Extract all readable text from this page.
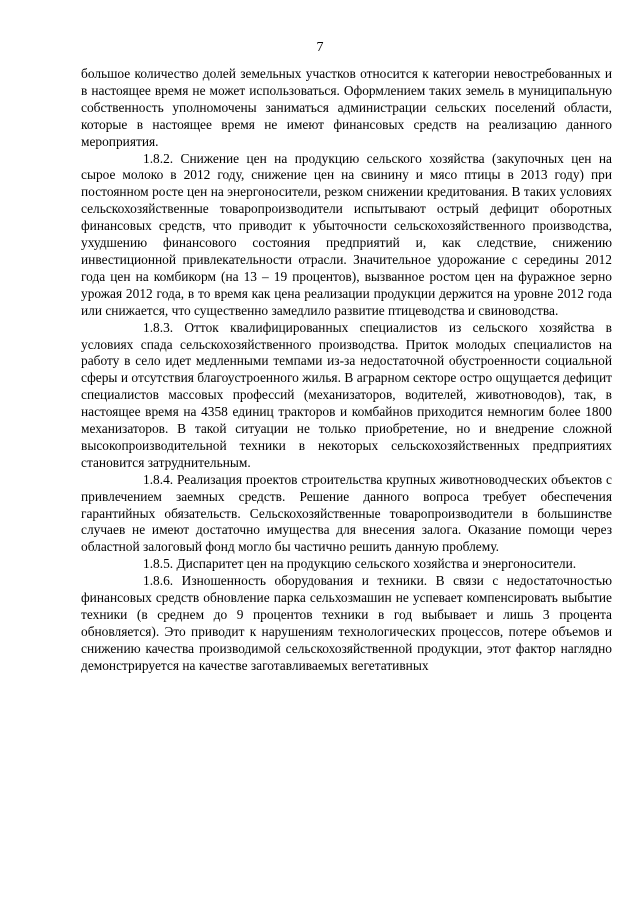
7

большое количество долей земельных участков относится к категории невостребованных и в настоящее время не может использоваться. Оформлением таких земель в муниципальную собственность уполномочены заниматься администрации сельских поселений области, которые в настоящее время не имеют финансовых средств на реализацию данного мероприятия.

1.8.2. Снижение цен на продукцию сельского хозяйства (закупочных цен на сырое молоко в 2012 году, снижение цен на свинину и мясо птицы в 2013 году) при постоянном росте цен на энергоносители, резком снижении кредитования. В таких условиях сельскохозяйственные товаропроизводители испытывают острый дефицит оборотных финансовых средств, что приводит к убыточности сельскохозяйственного производства, ухудшению финансового состояния предприятий и, как следствие, снижению инвестиционной привлекательности отрасли. Значительное удорожание с середины 2012 года цен на комбикорм (на 13 – 19 процентов), вызванное ростом цен на фуражное зерно урожая 2012 года, в то время как цена реализации продукции держится на уровне 2012 года или снижается, что существенно замедлило развитие птицеводства и свиноводства.

1.8.3. Отток квалифицированных специалистов из сельского хозяйства в условиях спада сельскохозяйственного производства. Приток молодых специалистов на работу в село идет медленными темпами из-за недостаточной обустроенности социальной сферы и отсутствия благоустроенного жилья. В аграрном секторе остро ощущается дефицит специалистов массовых профессий (механизаторов, водителей, животноводов), так, в настоящее время на 4358 единиц тракторов и комбайнов приходится немногим более 1800 механизаторов. В такой ситуации не только приобретение, но и внедрение сложной высокопроизводительной техники в некоторых сельскохозяйственных предприятиях становится затруднительным.

1.8.4. Реализация проектов строительства крупных животноводческих объектов с привлечением заемных средств. Решение данного вопроса требует обеспечения гарантийных обязательств. Сельскохозяйственные товаропроизводители в большинстве случаев не имеют достаточно имущества для внесения залога. Оказание помощи через областной залоговый фонд могло бы частично решить данную проблему.

1.8.5. Диспаритет цен на продукцию сельского хозяйства и энергоносители.

1.8.6. Изношенность оборудования и техники. В связи с недостаточностью финансовых средств обновление парка сельхозмашин не успевает компенсировать выбытие техники (в среднем до 9 процентов техники в год выбывает и лишь 3 процента обновляется). Это приводит к нарушениям технологических процессов, потере объемов и снижению качества производимой сельскохозяйственной продукции, этот фактор наглядно демонстрируется на качестве заготавливаемых вегетативных
